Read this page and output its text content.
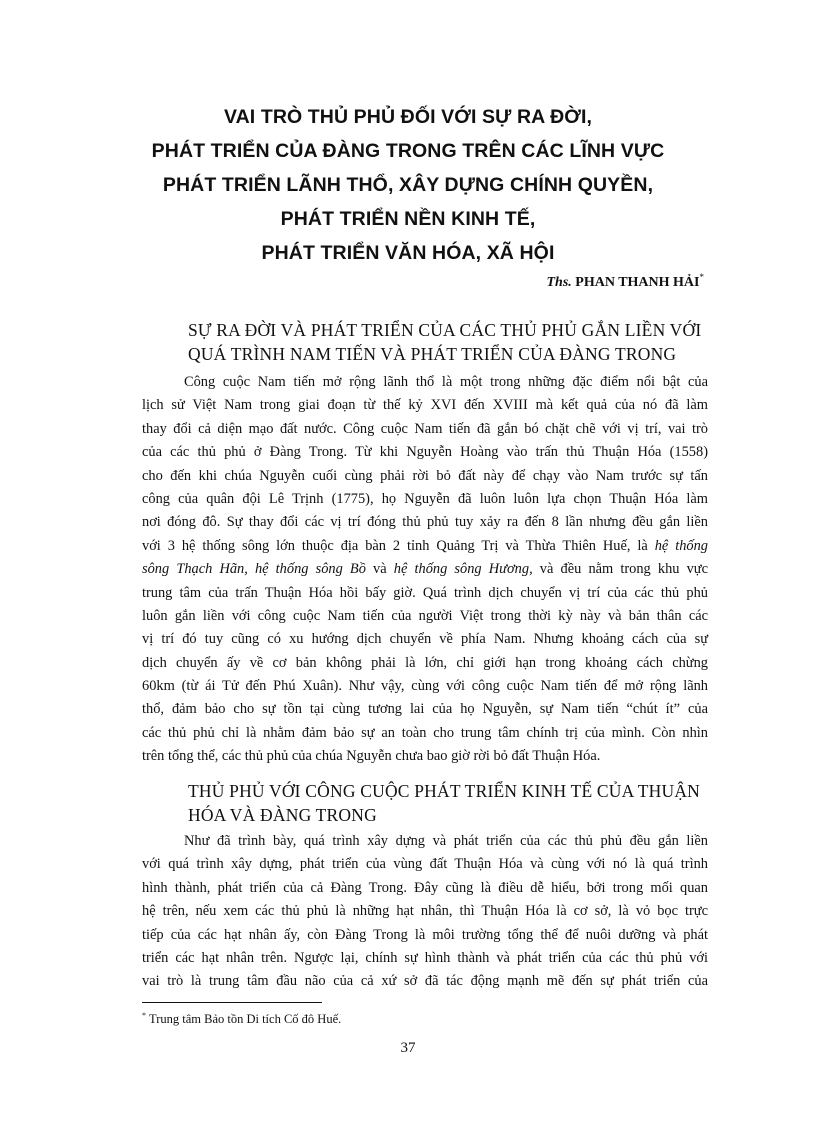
VAI TRÒ THỦ PHỦ ĐỐI VỚI SỰ RA ĐỜI,
PHÁT TRIỂN CỦA ĐÀNG TRONG TRÊN CÁC LĨNH VỰC
PHÁT TRIỂN LÃNH THỔ, XÂY DỰNG CHÍNH QUYỀN,
PHÁT TRIỂN NỀN KINH TẾ,
PHÁT TRIỂN VĂN HÓA, XÃ HỘI
Ths. PHAN THANH HẢI*
SỰ RA ĐỜI VÀ PHÁT TRIỂN CỦA CÁC THỦ PHỦ GẮN LIỀN VỚI
QUÁ TRÌNH NAM TIẾN VÀ PHÁT TRIỂN CỦA ĐÀNG TRONG
Công cuộc Nam tiến mở rộng lãnh thổ là một trong những đặc điểm nổi bật của
lịch sử Việt Nam trong giai đoạn từ thế kỷ XVI đến XVIII mà kết quả của nó đã làm
thay đổi cả diện mạo đất nước. Công cuộc Nam tiến đã gắn bó chặt chẽ với vị trí, vai trò
của các thủ phủ ở Đàng Trong. Từ khi Nguyễn Hoàng vào trấn thủ Thuận Hóa (1558)
cho đến khi chúa Nguyễn cuối cùng phải rời bỏ đất này để chạy vào Nam trước sự tấn
công của quân đội Lê Trịnh (1775), họ Nguyễn đã luôn luôn lựa chọn Thuận Hóa làm
nơi đóng đô. Sự thay đổi các vị trí đóng thủ phủ tuy xảy ra đến 8 lần nhưng đều gắn liền
với 3 hệ thống sông lớn thuộc địa bàn 2 tỉnh Quảng Trị và Thừa Thiên Huế, là hệ thống
sông Thạch Hãn, hệ thống sông Bồ và hệ thống sông Hương, và đều nằm trong khu vực
trung tâm của trấn Thuận Hóa hồi bấy giờ. Quá trình dịch chuyển vị trí của các thủ phủ
luôn gắn liền với công cuộc Nam tiến của người Việt trong thời kỳ này và bản thân các
vị trí đó tuy cũng có xu hướng dịch chuyển về phía Nam. Nhưng khoảng cách của sự
dịch chuyển ấy về cơ bản không phải là lớn, chỉ giới hạn trong khoảng cách chừng
60km (từ ái Tử đến Phú Xuân). Như vậy, cùng với công cuộc Nam tiến để mở rộng lãnh
thổ, đảm bảo cho sự tồn tại cùng tương lai của họ Nguyễn, sự Nam tiến “chút ít” của
các thủ phủ chỉ là nhằm đảm bảo sự an toàn cho trung tâm chính trị của mình. Còn nhìn
trên tổng thể, các thủ phủ của chúa Nguyễn chưa bao giờ rời bỏ đất Thuận Hóa.
THỦ PHỦ VỚI CÔNG CUỘC PHÁT TRIỂN KINH TẾ CỦA THUẬN
HÓA VÀ ĐÀNG TRONG
Như đã trình bày, quá trình xây dựng và phát triển của các thủ phủ đều gắn liền
với quá trình xây dựng, phát triển của vùng đất Thuận Hóa và cùng với nó là quá trình
hình thành, phát triển của cả Đàng Trong. Đây cũng là điều dễ hiểu, bởi trong mối quan
hệ trên, nếu xem các thủ phủ là những hạt nhân, thì Thuận Hóa là cơ sở, là vỏ bọc trực
tiếp của các hạt nhân ấy, còn Đàng Trong là môi trường tổng thể để nuôi dưỡng và phát
triển các hạt nhân trên. Ngược lại, chính sự hình thành và phát triển của các thủ phủ với
vai trò là trung tâm đầu não của cả xứ sở đã tác động mạnh mẽ đến sự phát triển của
* Trung tâm Bảo tồn Di tích Cố đô Huế.
37
